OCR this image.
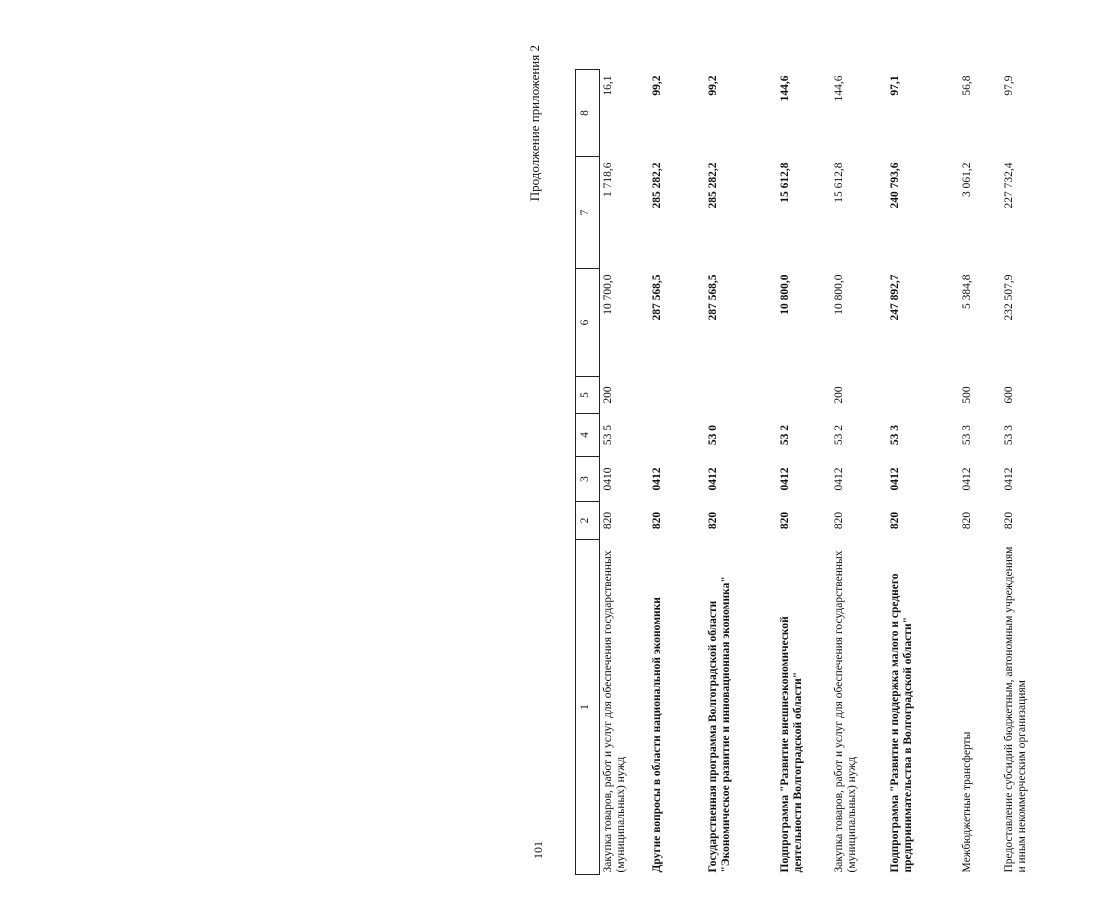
101
Продолжение приложения 2
1	2	3	4	5	6	7	8
Закупка товаров, работ и услуг для обеспечения государственных (муниципальных) нужд	820	0410	53 5	200	10 700,0	1 718,6	16,1
Другие вопросы в области национальной экономики	820	0412			287 568,5	285 282,2	99,2
Государственная программа Волгоградской области "Экономическое развитие и инновационная экономика"	820	0412	53 0		287 568,5	285 282,2	99,2
Подпрограмма "Развитие внешнеэкономической деятельности Волгоградской области"	820	0412	53 2		10 800,0	15 612,8	144,6
Закупка товаров, работ и услуг для обеспечения государственных (муниципальных) нужд	820	0412	53 2	200	10 800,0	15 612,8	144,6
Подпрограмма "Развитие и поддержка малого и среднего предпринимательства в Волгоградской области"	820	0412	53 3		247 892,7	240 793,6	97,1
Межбюджетные трансферты	820	0412	53 3	500	5 384,8	3 061,2	56,8
Предоставление субсидий бюджетным, автономным учреждениям и иным некоммерческим организациям	820	0412	53 3	600	232 507,9	227 732,4	97,9
